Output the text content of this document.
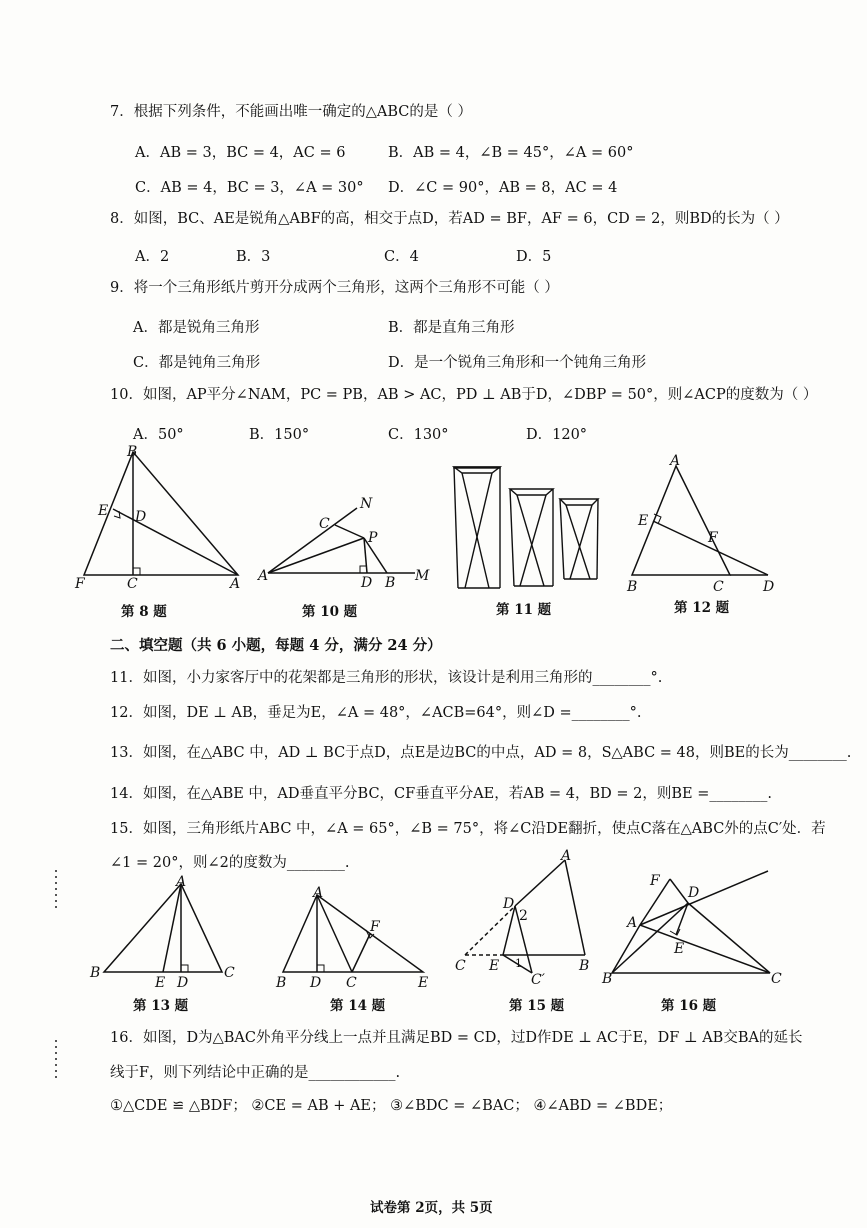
7．根据下列条件，不能画出唯一确定的△ABC的是（ ）
A．AB = 3，BC = 4，AC = 6	B．AB = 4，∠B = 45°，∠A = 60°
C．AB = 4，BC = 3，∠A = 30° D．∠C = 90°，AB = 8，AC = 4
8．如图，BC、AE是锐角△ABF的高，相交于点D，若AD = BF，AF = 6，CD = 2，则BD的长为（ ）
A．2	B．3	C．4	D．5
9．将一个三角形纸片剪开分成两个三角形，这两个三角形不可能（ ）
A．都是锐角三角形	B．都是直角三角形
C．都是钝角三角形	D．是一个锐角三角形和一个钝角三角形
10．如图，AP平分∠NAM，PC = PB，AB > AC，PD ⊥ AB于D，∠DBP = 50°，则∠ACP的度数为（ ）
A．50°	B．150°	C．130°	D．120°
B
E D
F	C	A
第 8 题
N
C
P
A	D B M
第 10 题	第 11 题
A
E
F
B	C	D
第 12 题
二、填空题（共 6 小题，每题 4 分，满分 24 分）
11．如图，小力家客厅中的花架都是三角形的形状，该设计是利用三角形的________°.
12．如图，DE ⊥ AB，垂足为E，∠A = 48°，∠ACB=64°，则∠D =________°.
13．如图，在△ABC 中，AD ⊥ BC于点D，点E是边BC的中点，AD = 8，S△ABC = 48，则BE的长为________.
14．如图，在△ABE 中，AD垂直平分BC，CF垂直平分AE，若AB = 4，BD = 2，则BE =________.
15．如图，三角形纸片ABC 中，∠A = 65°，∠B = 75°，将∠C沿DE翻折，使点C落在△ABC外的点C′处．若
∠1 = 20°，则∠2的度数为________.
A
B
E D
C
第 13 题
A
F
B D C	E
第 14 题
A
D
2
C E 1
C′
B
第 15 题
F
D
A
E
B	C
第 16 题
16．如图，D为△BAC外角平分线上一点并且满足BD = CD，过D作DE ⊥ AC于E，DF ⊥ AB交BA的延长
线于F，则下列结论中正确的是____________.
①△CDE ≌ △BDF； ②CE = AB + AE； ③∠BDC = ∠BAC； ④∠ABD = ∠BDE；
试卷第 2页，共 5页
